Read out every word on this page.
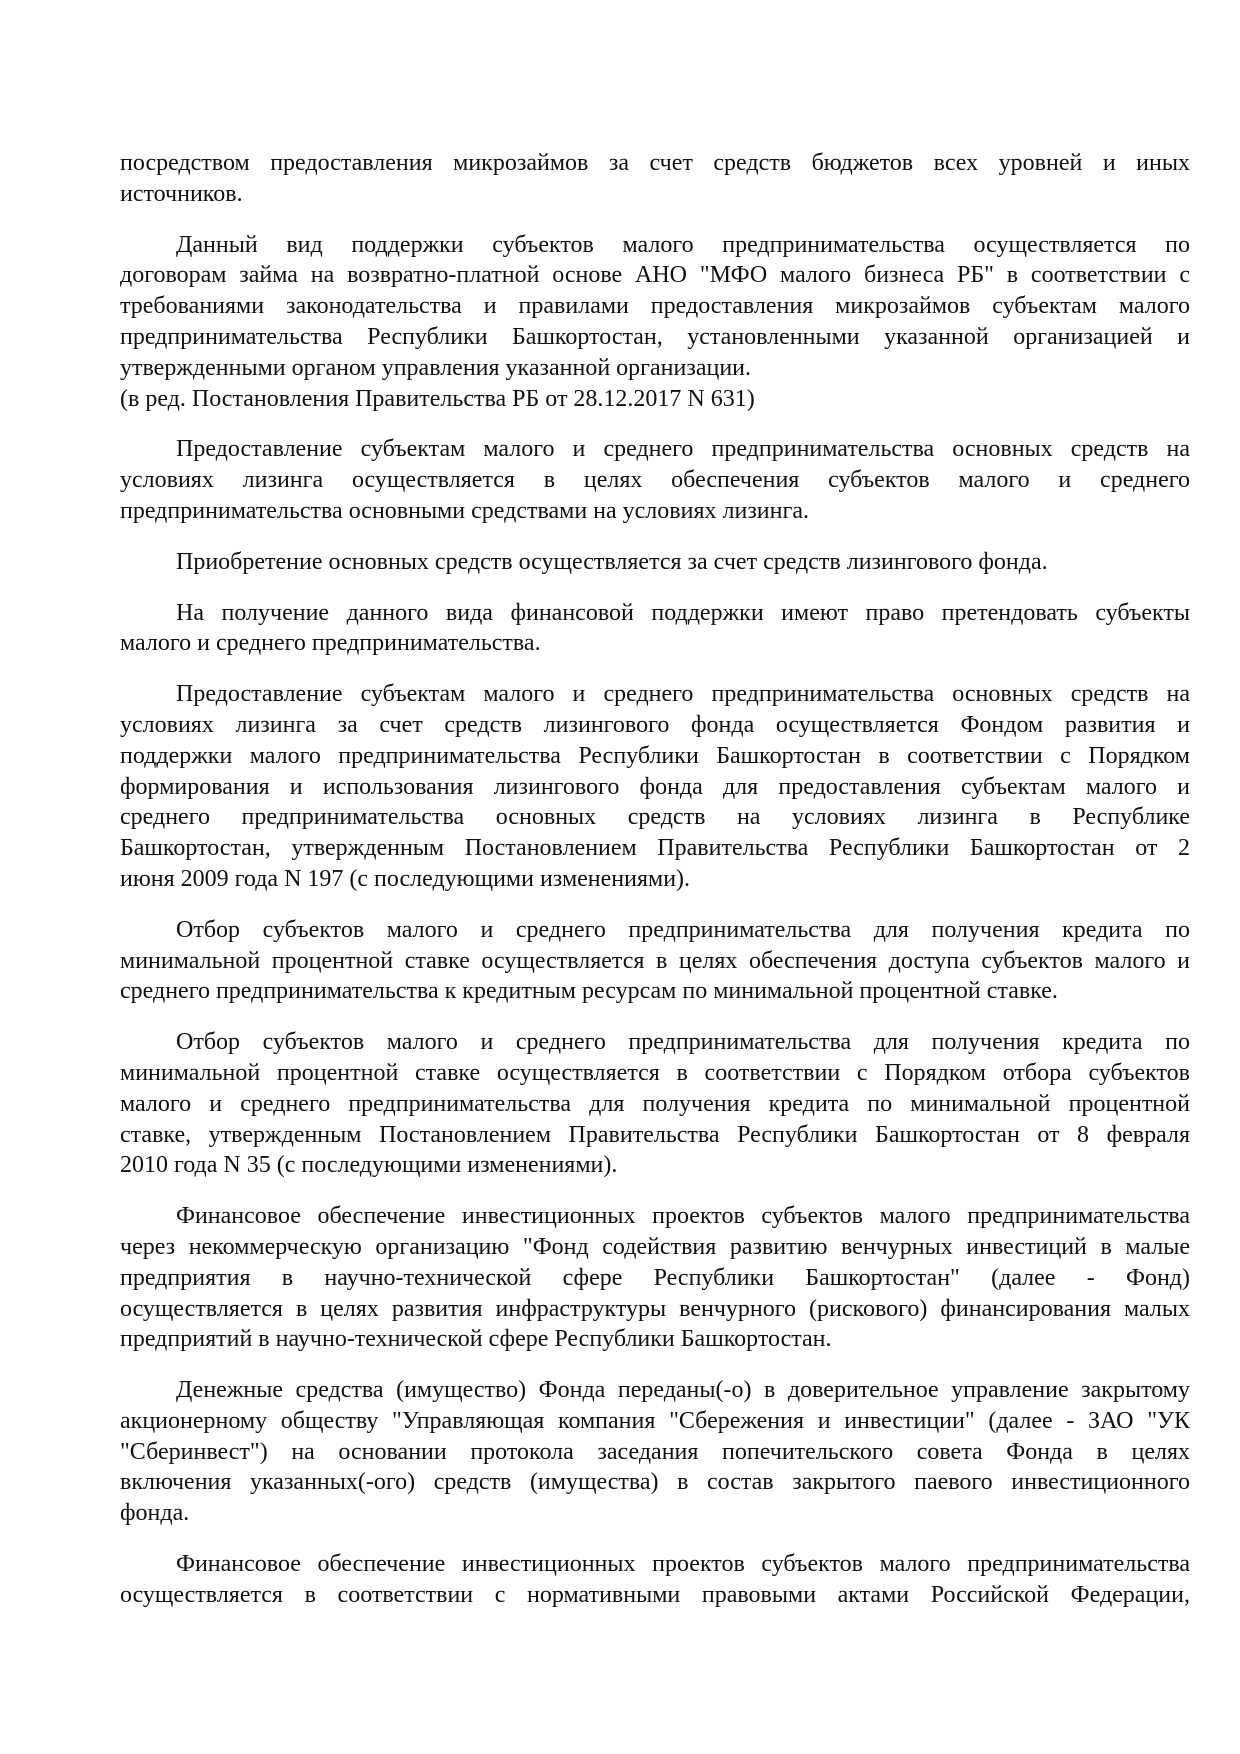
посредством предоставления микрозаймов за счет средств бюджетов всех уровней и иных
источников.

Данный вид поддержки субъектов малого предпринимательства осуществляется по
договорам займа на возвратно-платной основе АНО "МФО малого бизнеса РБ" в соответствии с
требованиями законодательства и правилами предоставления микрозаймов субъектам малого
предпринимательства Республики Башкортостан, установленными указанной организацией и
утвержденными органом управления указанной организации.

(в ред. Постановления Правительства РБ от 28.12.2017 N 631)

Предоставление субъектам малого и среднего предпринимательства основных средств на
условиях лизинга осуществляется в целях обеспечения субъектов малого и среднего
предпринимательства основными средствами на условиях лизинга.

Приобретение основных средств осуществляется за счет средств лизингового фонда.

На получение данного вида финансовой поддержки имеют право претендовать субъекты
малого и среднего предпринимательства.

Предоставление субъектам малого и среднего предпринимательства основных средств на
условиях лизинга за счет средств лизингового фонда осуществляется Фондом развития и
поддержки малого предпринимательства Республики Башкортостан в соответствии с Порядком
формирования и использования лизингового фонда для предоставления субъектам малого и
среднего предпринимательства основных средств на условиях лизинга в Республике
Башкортостан, утвержденным Постановлением Правительства Республики Башкортостан от 2
июня 2009 года N 197 (с последующими изменениями).

Отбор субъектов малого и среднего предпринимательства для получения кредита по
минимальной процентной ставке осуществляется в целях обеспечения доступа субъектов малого и
среднего предпринимательства к кредитным ресурсам по минимальной процентной ставке.

Отбор субъектов малого и среднего предпринимательства для получения кредита по
минимальной процентной ставке осуществляется в соответствии с Порядком отбора субъектов
малого и среднего предпринимательства для получения кредита по минимальной процентной
ставке, утвержденным Постановлением Правительства Республики Башкортостан от 8 февраля
2010 года N 35 (с последующими изменениями).

Финансовое обеспечение инвестиционных проектов субъектов малого предпринимательства
через некоммерческую организацию "Фонд содействия развитию венчурных инвестиций в малые
предприятия в научно-технической сфере Республики Башкортостан" (далее - Фонд)
осуществляется в целях развития инфраструктуры венчурного (рискового) финансирования малых
предприятий в научно-технической сфере Республики Башкортостан.

Денежные средства (имущество) Фонда переданы(-о) в доверительное управление закрытому
акционерному обществу "Управляющая компания "Сбережения и инвестиции" (далее - ЗАО "УК
"Сберинвест") на основании протокола заседания попечительского совета Фонда в целях
включения указанных(-ого) средств (имущества) в состав закрытого паевого инвестиционного
фонда.

Финансовое обеспечение инвестиционных проектов субъектов малого предпринимательства
осуществляется в соответствии с нормативными правовыми актами Российской Федерации,
